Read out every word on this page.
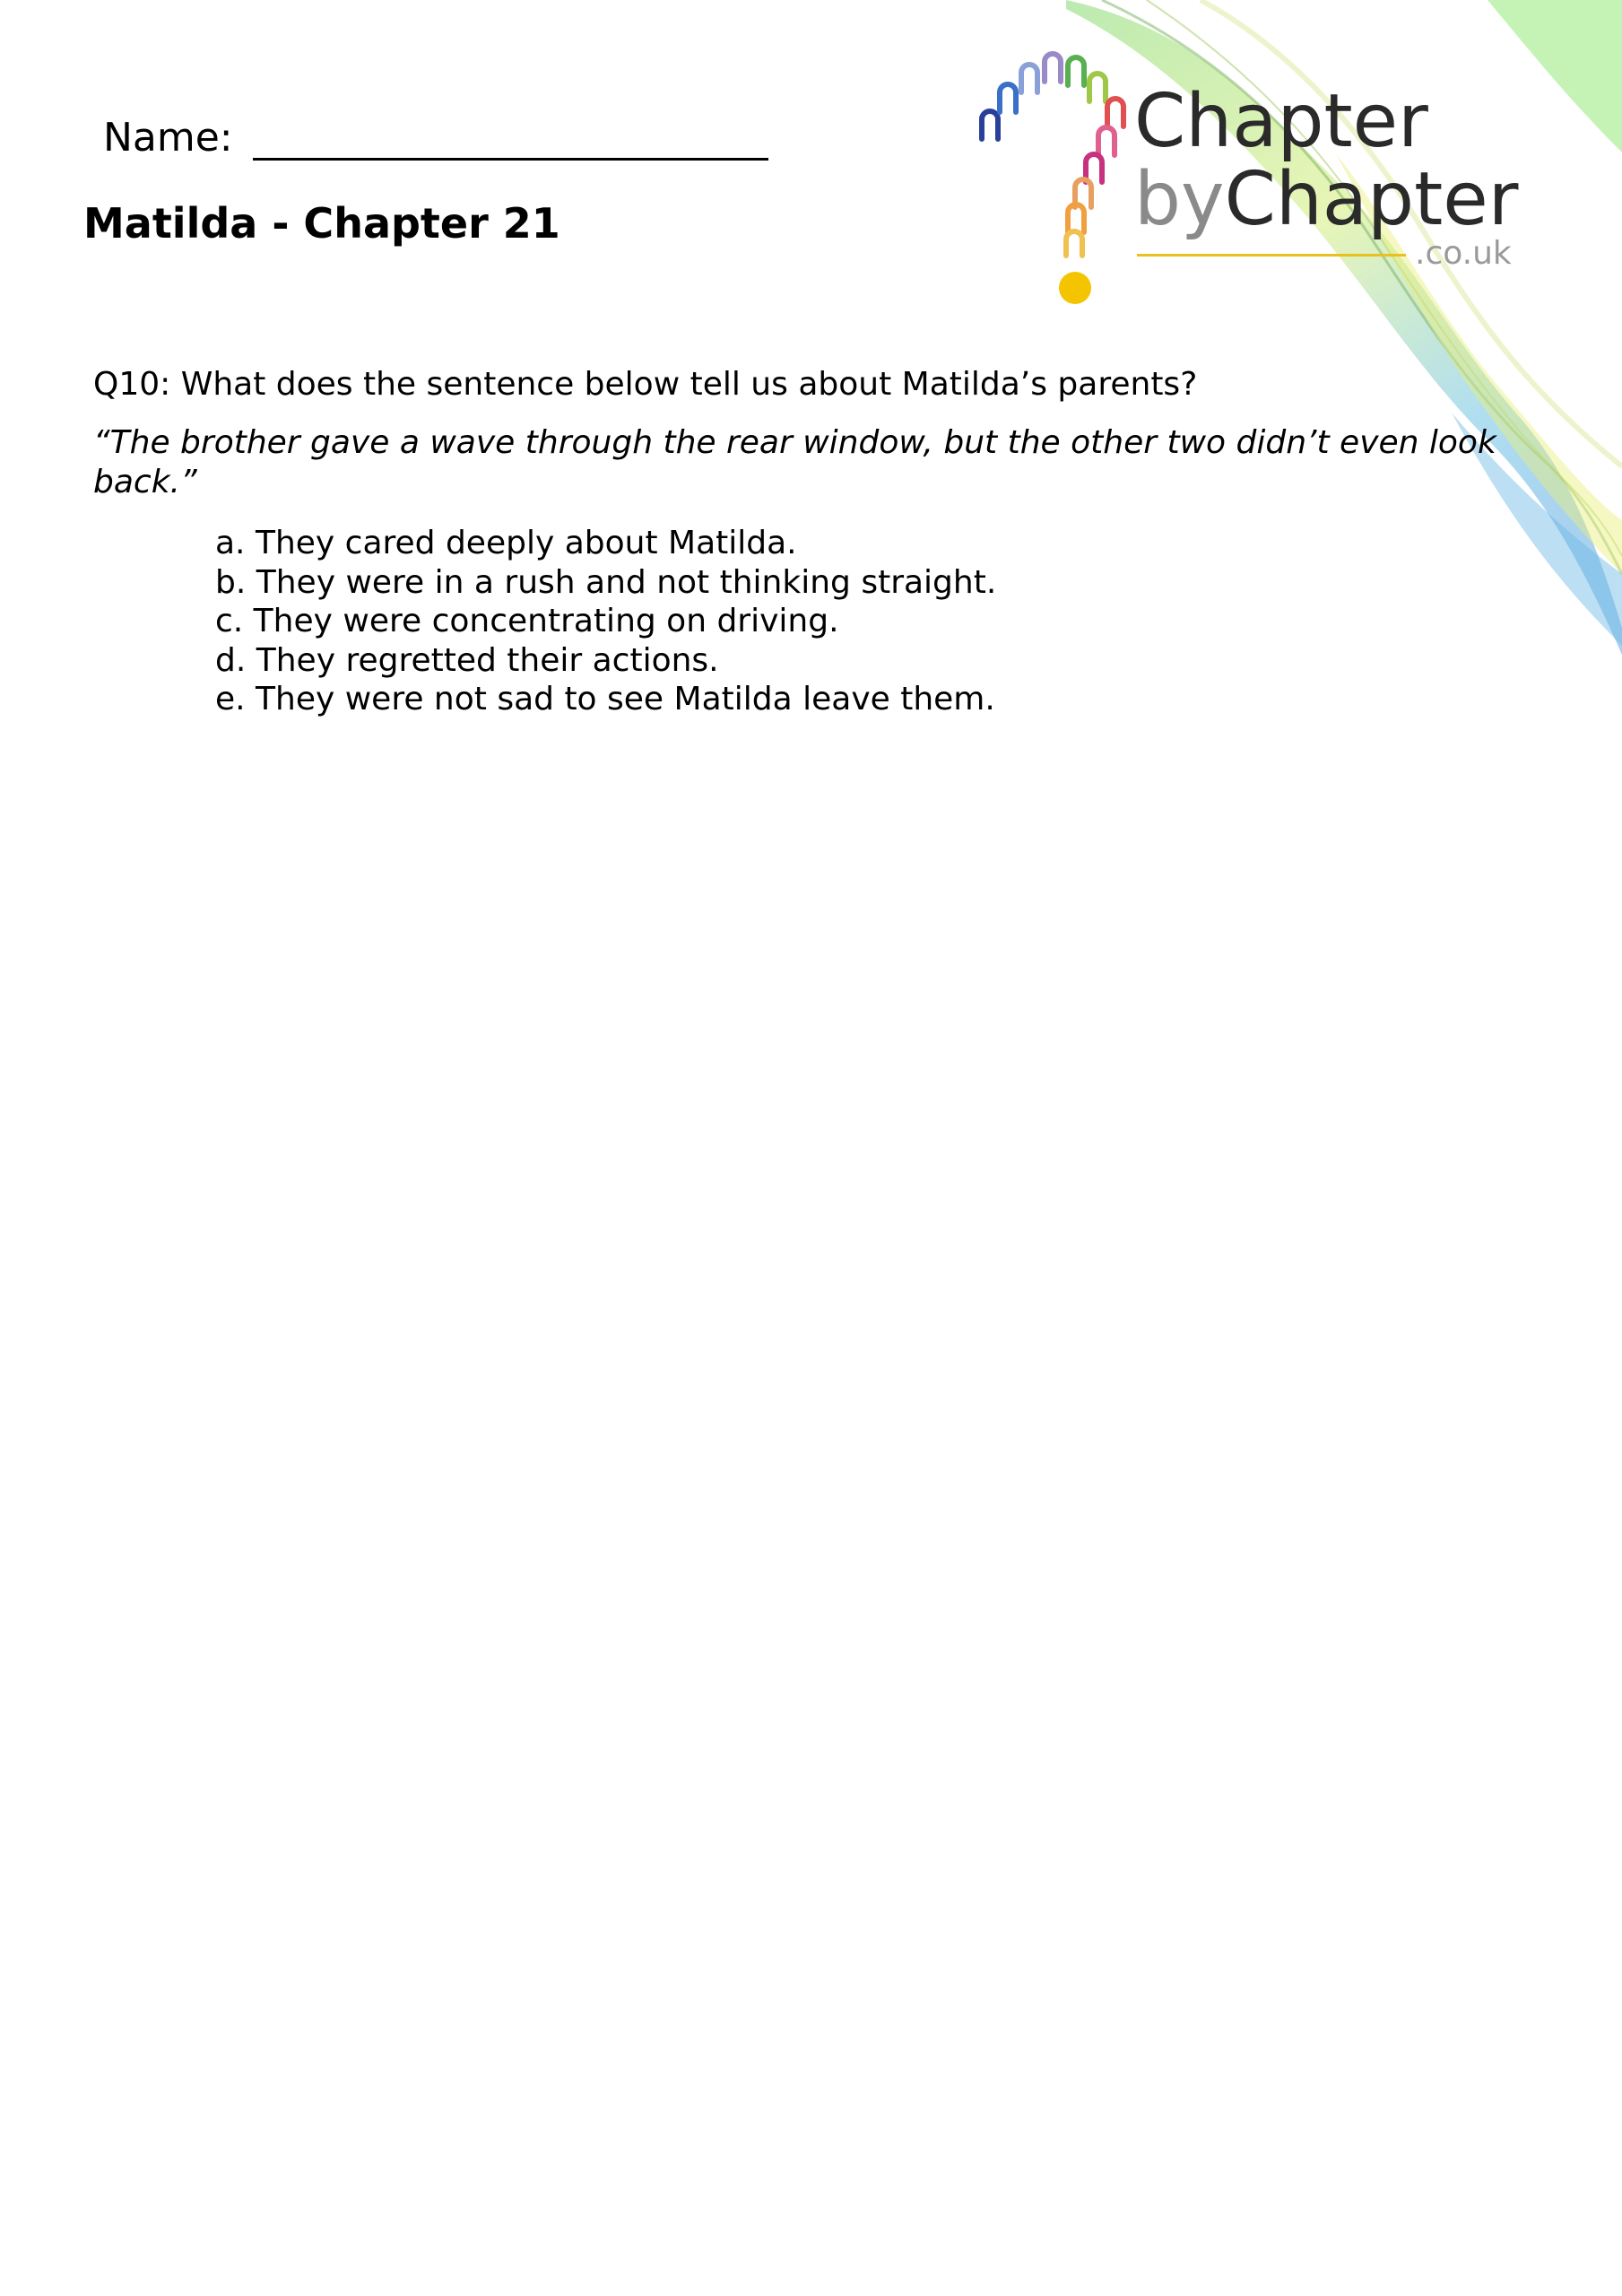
Chapter
byChapter
.co.uk
Name:
Matilda - Chapter 21

Q10: What does the sentence below tell us about Matilda’s parents?

“The brother gave a wave through the rear window, but the other two didn’t even look back.”

a. They cared deeply about Matilda.
b. They were in a rush and not thinking straight.
c. They were concentrating on driving.
d. They regretted their actions.
e. They were not sad to see Matilda leave them.
